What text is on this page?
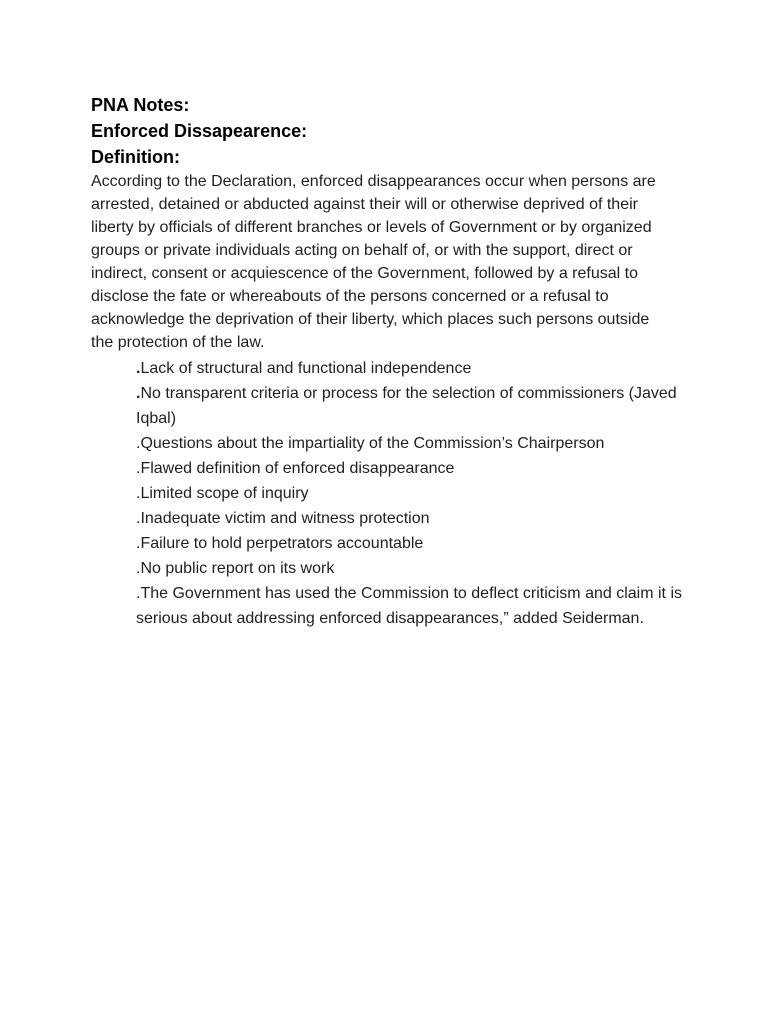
PNA Notes:
Enforced Dissapearence:
Definition:

According to the Declaration, enforced disappearances occur when persons are arrested, detained or abducted against their will or otherwise deprived of their liberty by officials of different branches or levels of Government or by organized groups or private individuals acting on behalf of, or with the support, direct or indirect, consent or acquiescence of the Government, followed by a refusal to disclose the fate or whereabouts of the persons concerned or a refusal to acknowledge the deprivation of their liberty, which places such persons outside the protection of the law.

.Lack of structural and functional independence
.No transparent criteria or process for the selection of commissioners (Javed Iqbal)
.Questions about the impartiality of the Commission’s Chairperson
.Flawed definition of enforced disappearance
.Limited scope of inquiry
.Inadequate victim and witness protection
.Failure to hold perpetrators accountable
.No public report on its work
.The Government has used the Commission to deflect criticism and claim it is serious about addressing enforced disappearances,” added Seiderman.
